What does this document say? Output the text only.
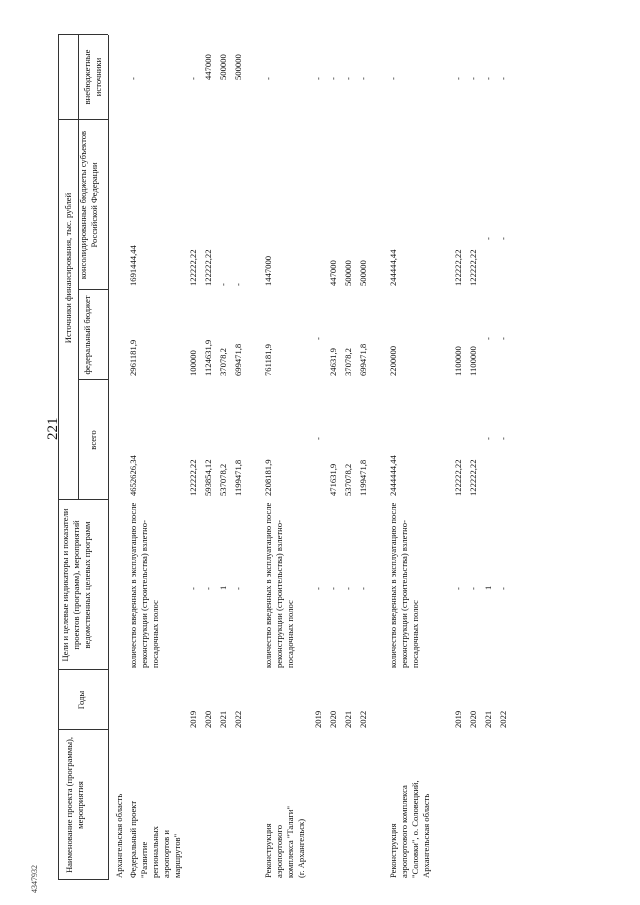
221
4347932
Наименование проекта (программы), мероприятия
Годы
Цели и целевые индикаторы и показатели проектов (программ), мероприятий ведомственных целевых программ
Источники финансирования, тыс. рублей
всего
федеральный бюджет
консолидированные бюджеты субъектов Российской Федерации
внебюджетные источники
Архангельская область Федеральный проект "Развитие региональных аэропортов и маршрутов"
количество введенных в эксплуатацию после реконструкции (строительства) взлетно-посадочных полос
4652626,34
2961181,9
1691444,44
-
2019
-
122222,22
100000
122222,22
-
2020
-
593854,12
1124631,9
122222,22
447000
2021
1
537078,2
37078,2
-
500000
2022
-
1199471,8
699471,8
-
500000
Реконструкция аэропортового комплекса "Талаги" (г. Архангельск)
количество введенных в эксплуатацию после реконструкции (строительства) взлетно-посадочных полос
2208181,9
761181,9
1447000
-
2019
-
-
-
-
2020
-
471631,9
24631,9
447000
-
2021
-
537078,2
37078,2
500000
-
2022
-
1199471,8
699471,8
500000
-
Реконструкция аэропортового комплекса "Соловки", о. Соловецкий, Архангельская область
количество введенных в эксплуатацию после реконструкции (строительства) взлетно-посадочных полос
2444444,44
2200000
244444,44
-
2019
-
122222,22
1100000
122222,22
-
2020
-
122222,22
1100000
122222,22
-
2021
1
-
-
-
-
2022
-
-
-
-
-
